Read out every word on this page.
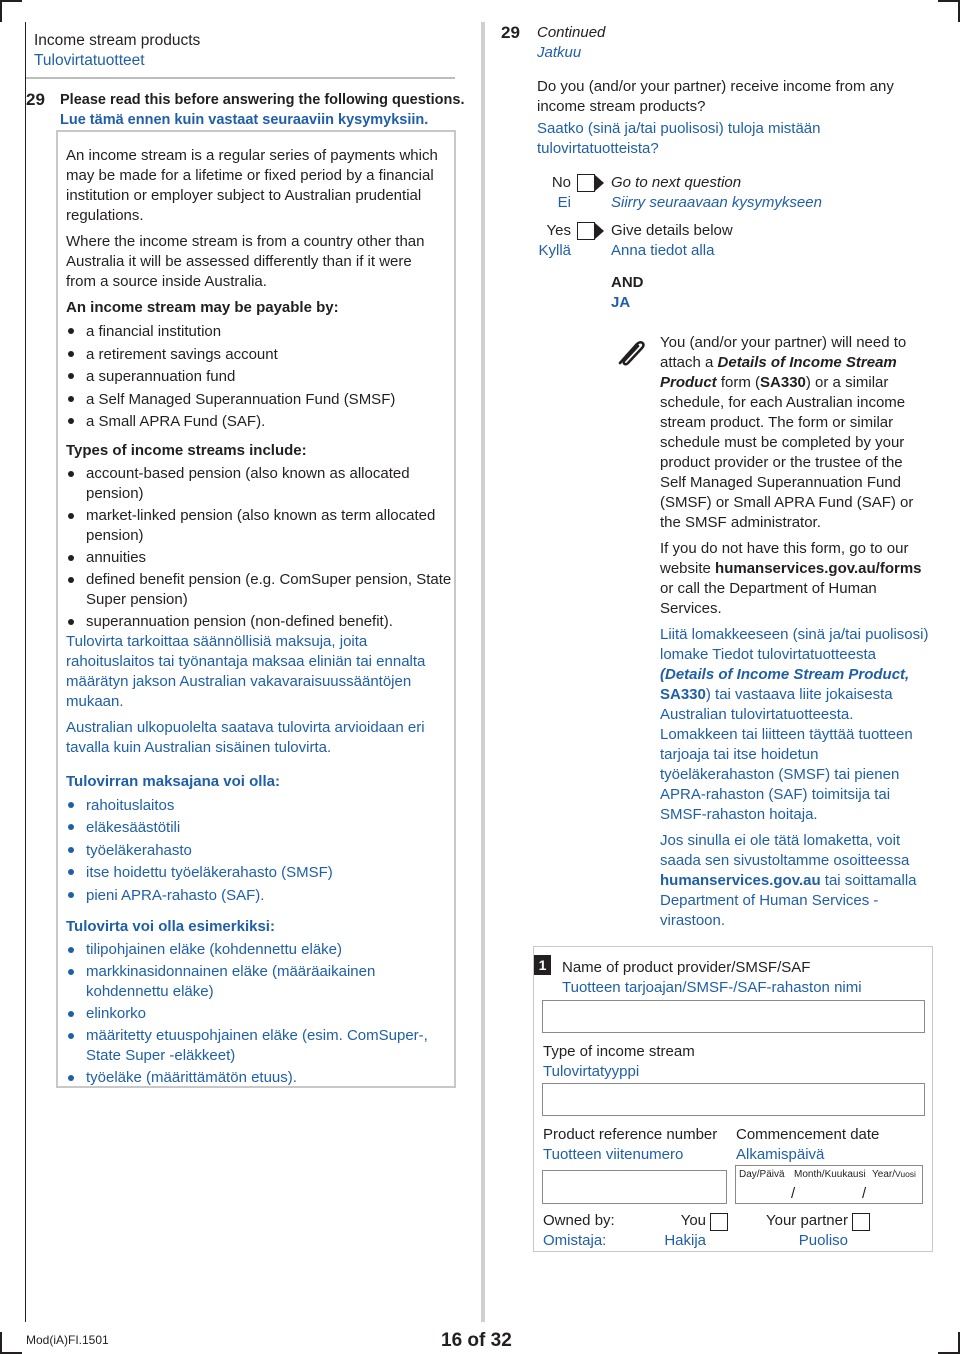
Income stream products
Tulovirtatuotteet
29 Please read this before answering the following questions.
Lue tämä ennen kuin vastaat seuraaviin kysymyksiin.
An income stream is a regular series of payments which
may be made for a lifetime or fixed period by a financial
institution or employer subject to Australian prudential
regulations.
Where the income stream is from a country other than
Australia it will be assessed differently than if it were
from a source inside Australia.
An income stream may be payable by:
a financial institution
a retirement savings account
a superannuation fund
a Self Managed Superannuation Fund (SMSF)
a Small APRA Fund (SAF).
Types of income streams include:
account-based pension (also known as allocated
pension)
market-linked pension (also known as term allocated
pension)
annuities
defined benefit pension (e.g. ComSuper pension, State
Super pension)
superannuation pension (non-defined benefit).
Tulovirta tarkoittaa säännöllisiä maksuja, joita
rahoituslaitos tai työnantaja maksaa eliniän tai ennalta
määrätyn jakson Australian vakavaraisuussääntöjen
mukaan.
Australian ulkopuolelta saatava tulovirta arvioidaan eri
tavalla kuin Australian sisäinen tulovirta.
Tulovirran maksajana voi olla:
rahoituslaitos
eläkesäästötili
työeläkerahasto
itse hoidettu työeläkerahasto (SMSF)
pieni APRA-rahasto (SAF).
Tulovirta voi olla esimerkiksi:
tilipohjainen eläke (kohdennettu eläke)
markkinasidonnainen eläke (määräaikainen
kohdennettu eläke)
elinkorko
määritetty etuuspohjainen eläke (esim. ComSuper-,
State Super -eläkkeet)
työeläke (määrittämätön etuus).
29 Continued
Jatkuu
Do you (and/or your partner) receive income from any
income stream products?
Saatko (sinä ja/tai puolisosi) tuloja mistään
tulovirtatuotteista?
No
Ei
Go to next question
Siirry seuraavaan kysymykseen
Yes
Kyllä
Give details below
Anna tiedot alla
AND
JA
You (and/or your partner) will need to attach a Details of Income Stream Product form (SA330) or a similar schedule, for each Australian income stream product. The form or similar schedule must be completed by your product provider or the trustee of the Self Managed Superannuation Fund (SMSF) or Small APRA Fund (SAF) or the SMSF administrator.
If you do not have this form, go to our website humanservices.gov.au/forms or call the Department of Human Services.
Liitä lomakkeeseen (sinä ja/tai puolisosi) lomake Tiedot tulovirtatuotteesta (Details of Income Stream Product, SA330) tai vastaava liite jokaisesta Australian tulovirtatuotteesta. Lomakkeen tai liitteen täyttää tuotteen tarjoaja tai itse hoidetun työeläkerahaston (SMSF) tai pienen APRA-rahaston (SAF) toimitsija tai SMSF-rahaston hoitaja.
Jos sinulla ei ole tätä lomaketta, voit saada sen sivustoltamme osoitteessa humanservices.gov.au tai soittamalla Department of Human Services -virastoon.
1	Name of product provider/SMSF/SAF
Tuotteen tarjoajan/SMSF-/SAF-rahaston nimi
Type of income stream
Tulovirtatyyppi
Product reference number
Tuotteen viitenumero
Commencement date
Alkamispäivä
Day/Päivä Month/Kuukausi Year/Vuosi
/	/
Owned by:
Omistaja:
You
Hakija
Your partner
Puoliso
Mod(iA)FI.1501	16 of 32
